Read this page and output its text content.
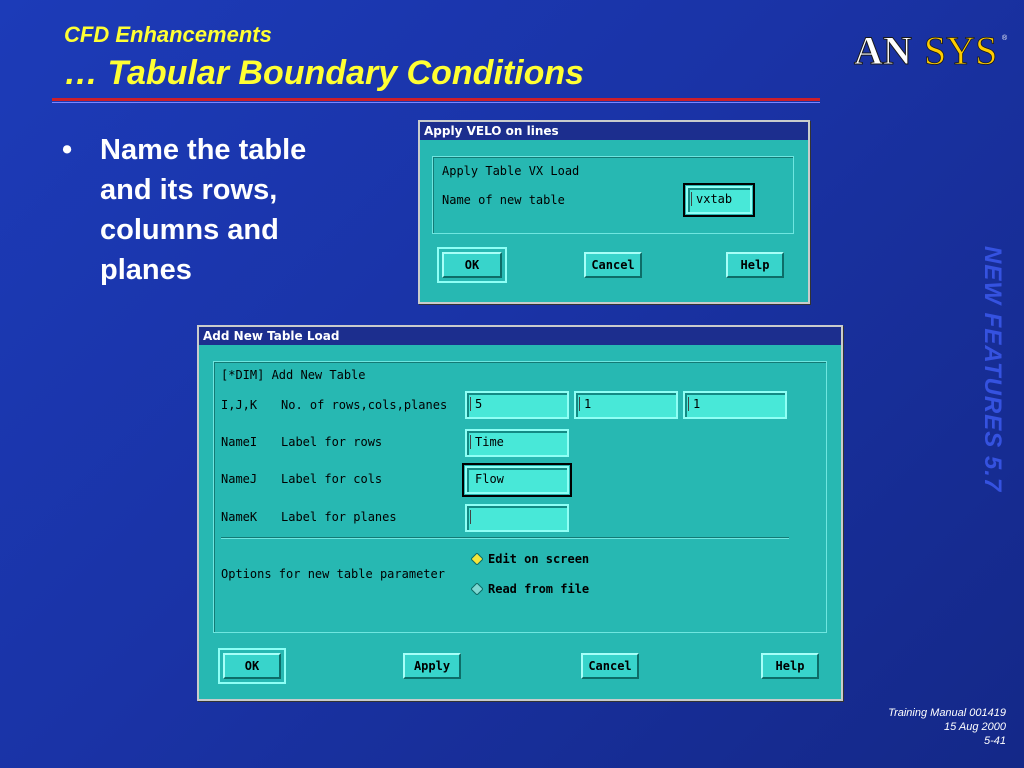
CFD Enhancements
… Tabular Boundary Conditions	AN SYS ®
NEW FEATURES 5.7
• Name the table and its rows, columns and planes
Training Manual 001419
15 Aug 2000
5-41
Apply VELO on lines
Apply Table VX Load
Name of new table	vxtab
OK	Cancel	Help
Add New Table Load
[*DIM] Add New Table
I,J,K No. of rows,cols,planes	5	1	1
NameI Label for rows	Time
NameJ Label for cols	Flow
NameK Label for planes
Options for new table parameter
Edit on screen
Read from file
OK	Apply	Cancel	Help
